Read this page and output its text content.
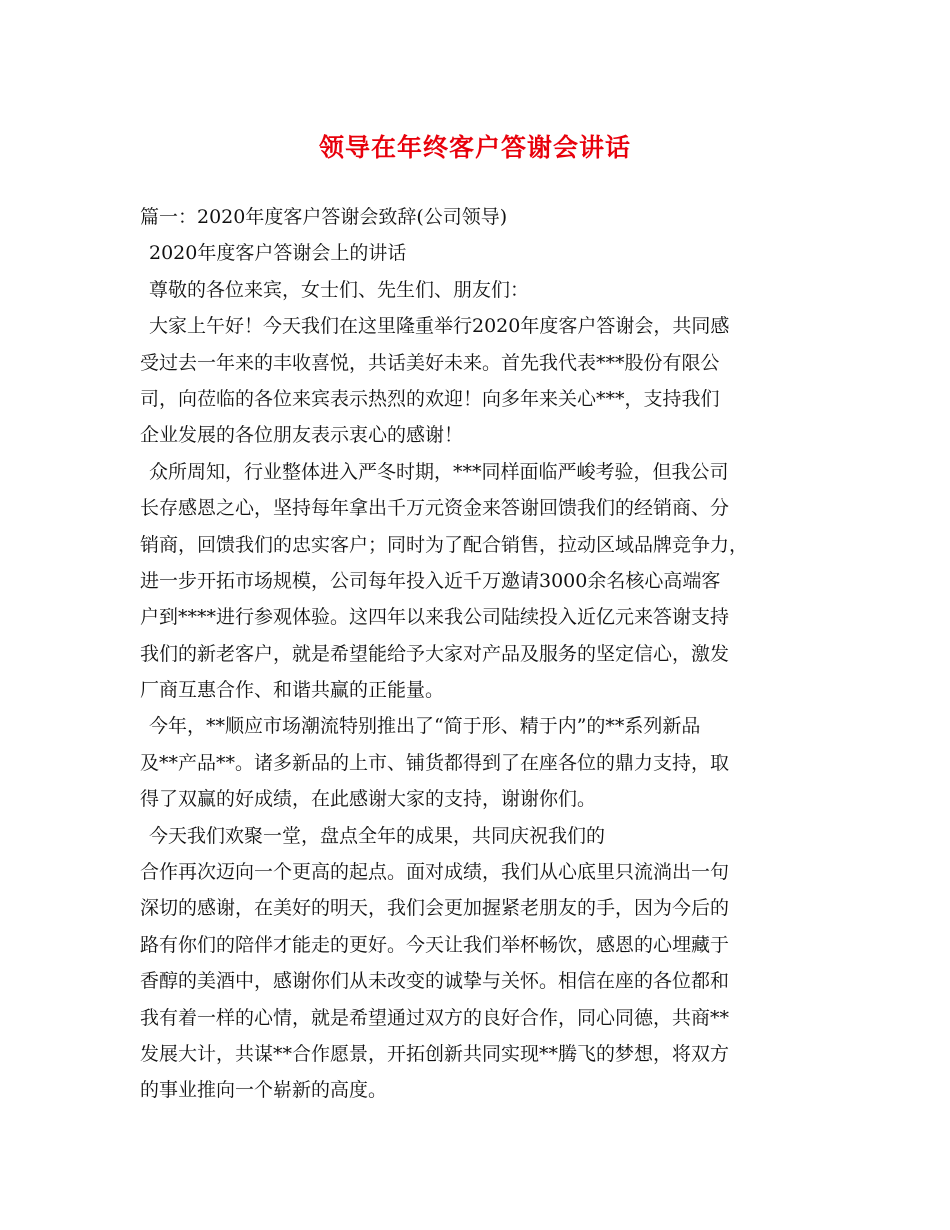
领导在年终客户答谢会讲话
篇一：2020年度客户答谢会致辞(公司领导)
2020年度客户答谢会上的讲话
尊敬的各位来宾，女士们、先生们、朋友们：
大家上午好！今天我们在这里隆重举行2020年度客户答谢会，共同感
受过去一年来的丰收喜悦，共话美好未来。首先我代表***股份有限公
司，向莅临的各位来宾表示热烈的欢迎！向多年来关心***，支持我们
企业发展的各位朋友表示衷心的感谢！
众所周知，行业整体进入严冬时期，***同样面临严峻考验，但我公司
长存感恩之心，坚持每年拿出千万元资金来答谢回馈我们的经销商、分
销商，回馈我们的忠实客户；同时为了配合销售，拉动区域品牌竞争力，
进一步开拓市场规模，公司每年投入近千万邀请3000余名核心高端客
户到****进行参观体验。这四年以来我公司陆续投入近亿元来答谢支持
我们的新老客户，就是希望能给予大家对产品及服务的坚定信心，激发
厂商互惠合作、和谐共赢的正能量。
今年，**顺应市场潮流特别推出了“简于形、精于内”的**系列新品
及**产品**。诸多新品的上市、铺货都得到了在座各位的鼎力支持，取
得了双赢的好成绩，在此感谢大家的支持，谢谢你们。
今天我们欢聚一堂，盘点全年的成果，共同庆祝我们的
合作再次迈向一个更高的起点。面对成绩，我们从心底里只流淌出一句
深切的感谢，在美好的明天，我们会更加握紧老朋友的手，因为今后的
路有你们的陪伴才能走的更好。今天让我们举杯畅饮，感恩的心埋藏于
香醇的美酒中，感谢你们从未改变的诚挚与关怀。相信在座的各位都和
我有着一样的心情，就是希望通过双方的良好合作，同心同德，共商**
发展大计，共谋**合作愿景，开拓创新共同实现**腾飞的梦想，将双方
的事业推向一个崭新的高度。
